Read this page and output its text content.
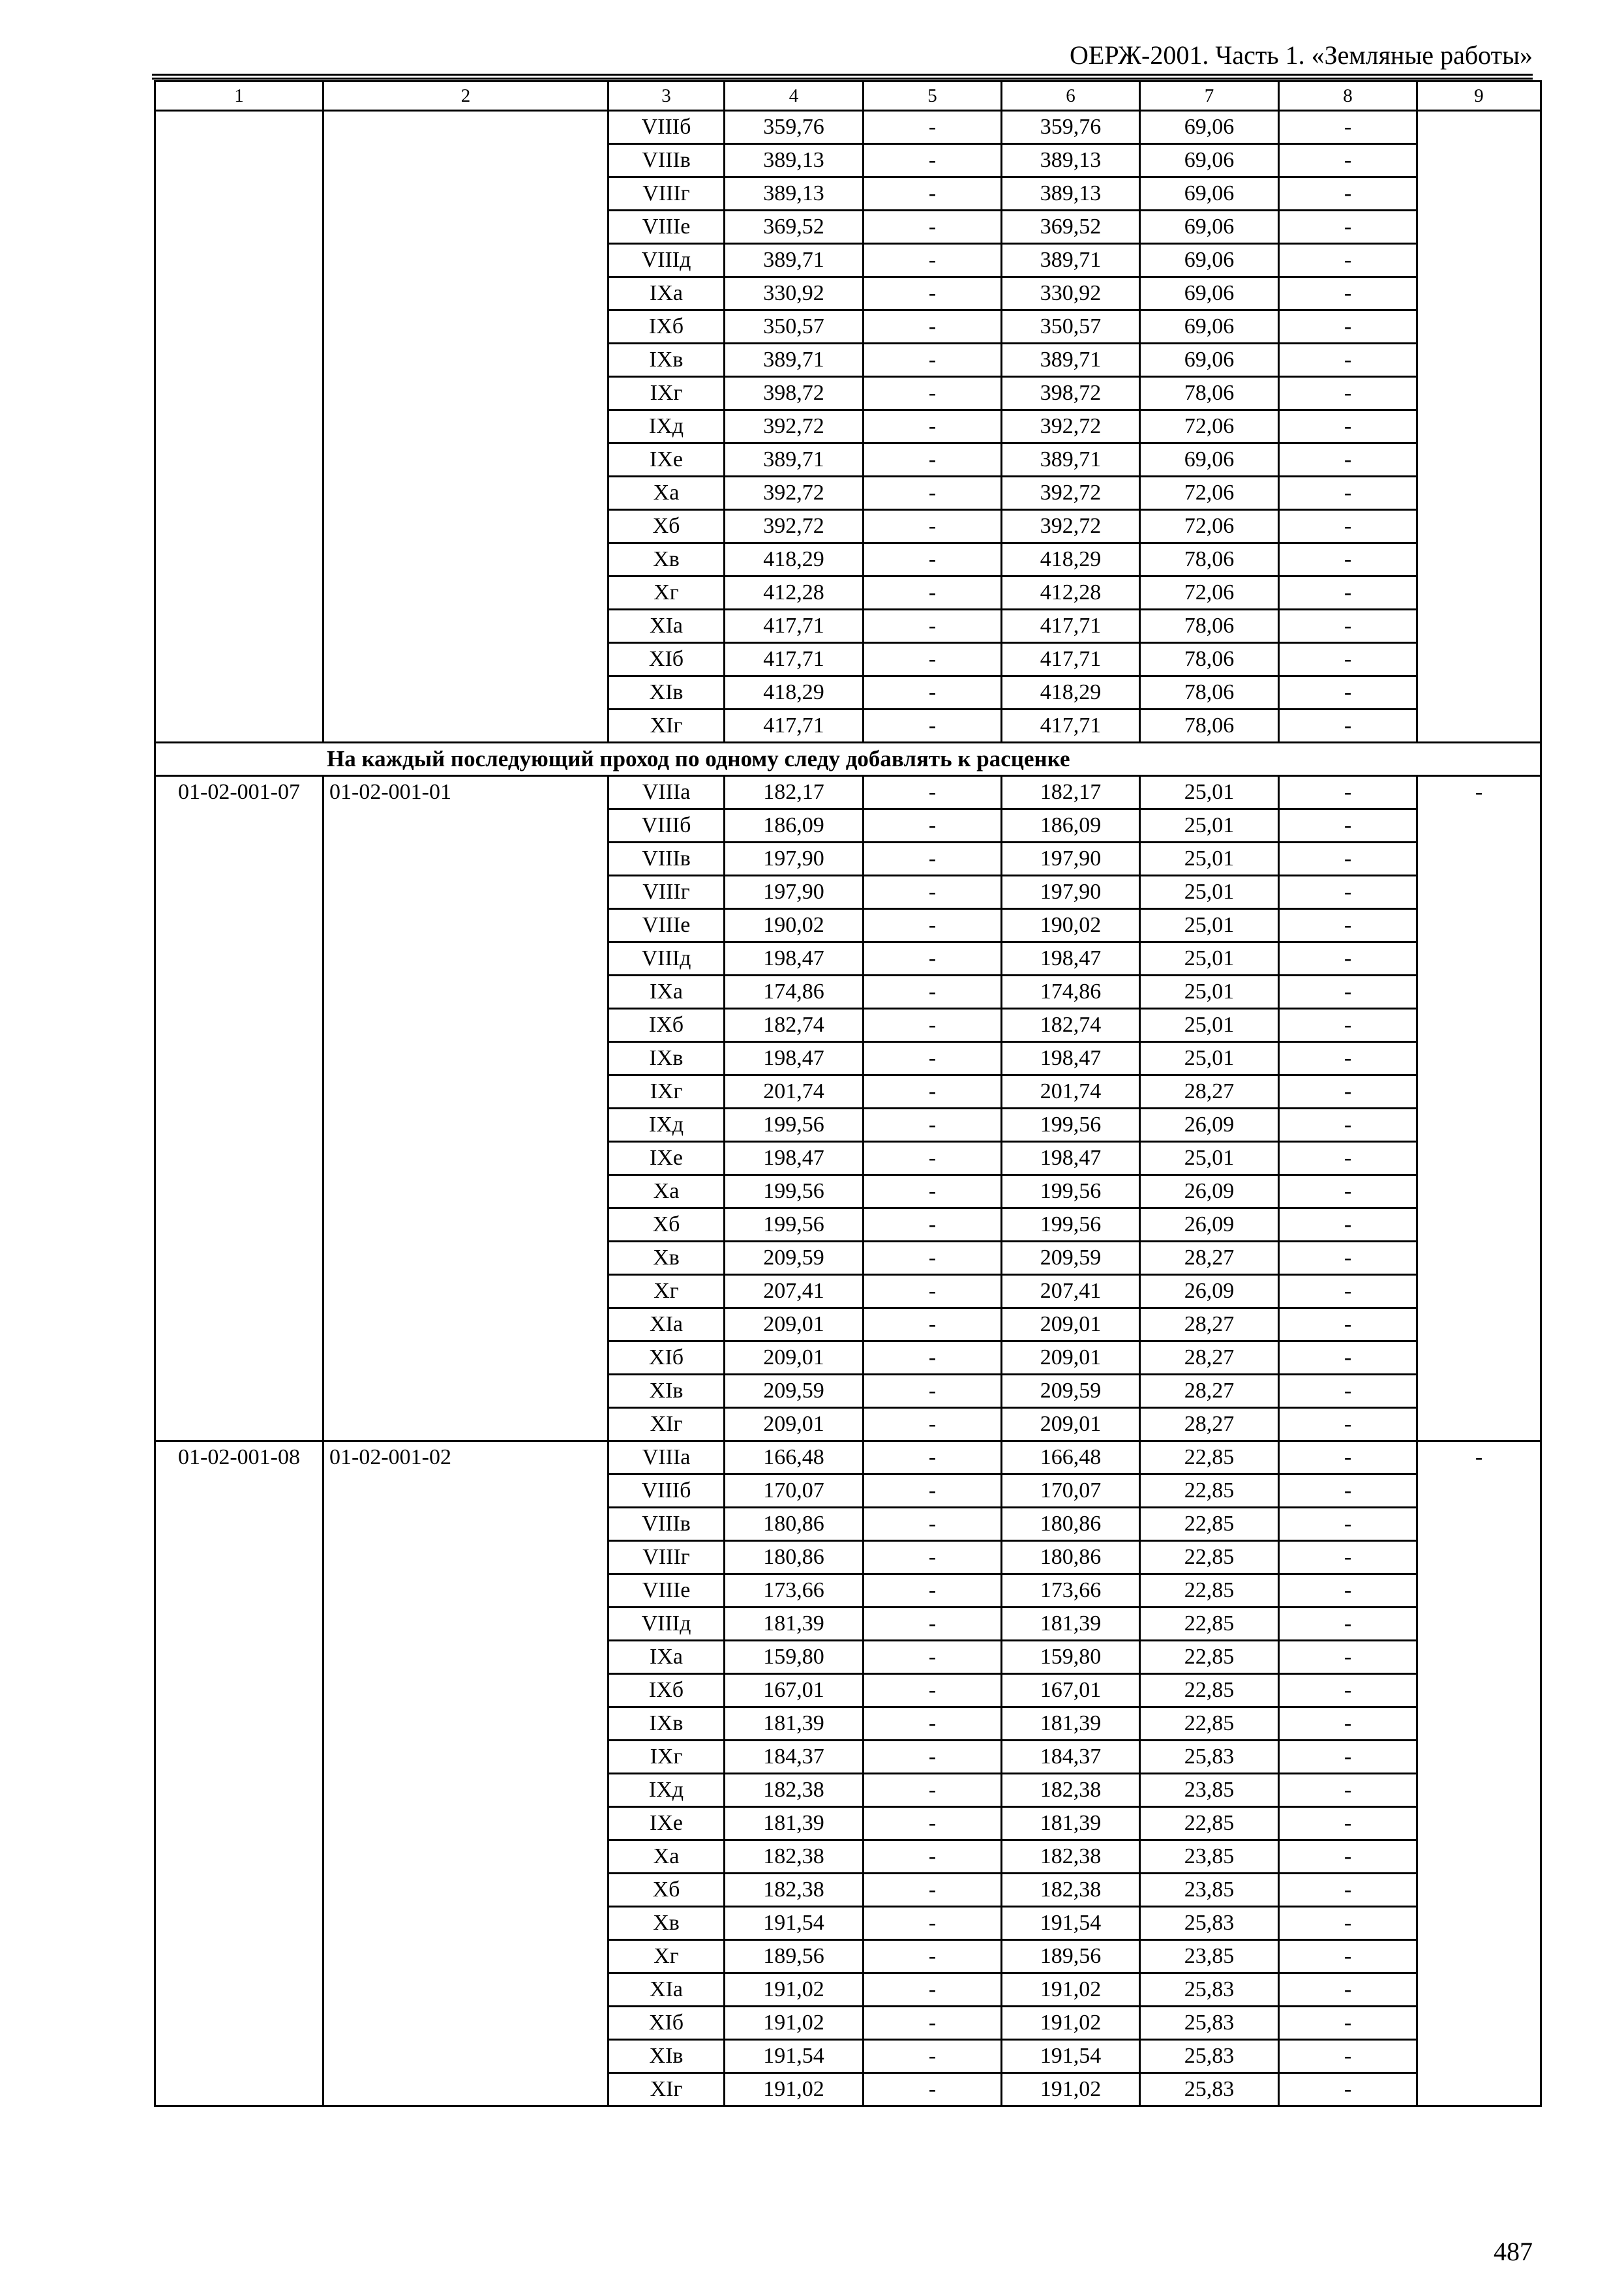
ОЕРЖ-2001. Часть 1. «Земляные работы»
1	2	3	4	5	6	7	8	9
		VIIIб	359,76	-	359,76	69,06	-	
		VIIIв	389,13	-	389,13	69,06	-	
		VIIIг	389,13	-	389,13	69,06	-	
		VIIIе	369,52	-	369,52	69,06	-	
		VIIIд	389,71	-	389,71	69,06	-	
		IXа	330,92	-	330,92	69,06	-	
		IXб	350,57	-	350,57	69,06	-	
		IXв	389,71	-	389,71	69,06	-	
		IXг	398,72	-	398,72	78,06	-	
		IXд	392,72	-	392,72	72,06	-	
		IXе	389,71	-	389,71	69,06	-	
		Xа	392,72	-	392,72	72,06	-	
		Xб	392,72	-	392,72	72,06	-	
		Xв	418,29	-	418,29	78,06	-	
		Xг	412,28	-	412,28	72,06	-	
		XIа	417,71	-	417,71	78,06	-	
		XIб	417,71	-	417,71	78,06	-	
		XIв	418,29	-	418,29	78,06	-	
		XIг	417,71	-	417,71	78,06	-	
На каждый последующий проход по одному следу добавлять к расценке								
01-02-001-07	01-02-001-01	VIIIа	182,17	-	182,17	25,01	-	-
		VIIIб	186,09	-	186,09	25,01	-	
		VIIIв	197,90	-	197,90	25,01	-	
		VIIIг	197,90	-	197,90	25,01	-	
		VIIIе	190,02	-	190,02	25,01	-	
		VIIIд	198,47	-	198,47	25,01	-	
		IXа	174,86	-	174,86	25,01	-	
		IXб	182,74	-	182,74	25,01	-	
		IXв	198,47	-	198,47	25,01	-	
		IXг	201,74	-	201,74	28,27	-	
		IXд	199,56	-	199,56	26,09	-	
		IXе	198,47	-	198,47	25,01	-	
		Xа	199,56	-	199,56	26,09	-	
		Xб	199,56	-	199,56	26,09	-	
		Xв	209,59	-	209,59	28,27	-	
		Xг	207,41	-	207,41	26,09	-	
		XIа	209,01	-	209,01	28,27	-	
		XIб	209,01	-	209,01	28,27	-	
		XIв	209,59	-	209,59	28,27	-	
		XIг	209,01	-	209,01	28,27	-	
01-02-001-08	01-02-001-02	VIIIа	166,48	-	166,48	22,85	-	-
		VIIIб	170,07	-	170,07	22,85	-	
		VIIIв	180,86	-	180,86	22,85	-	
		VIIIг	180,86	-	180,86	22,85	-	
		VIIIе	173,66	-	173,66	22,85	-	
		VIIIд	181,39	-	181,39	22,85	-	
		IXа	159,80	-	159,80	22,85	-	
		IXб	167,01	-	167,01	22,85	-	
		IXв	181,39	-	181,39	22,85	-	
		IXг	184,37	-	184,37	25,83	-	
		IXд	182,38	-	182,38	23,85	-	
		IXе	181,39	-	181,39	22,85	-	
		Xа	182,38	-	182,38	23,85	-	
		Xб	182,38	-	182,38	23,85	-	
		Xв	191,54	-	191,54	25,83	-	
		Xг	189,56	-	189,56	23,85	-	
		XIа	191,02	-	191,02	25,83	-	
		XIб	191,02	-	191,02	25,83	-	
		XIв	191,54	-	191,54	25,83	-	
		XIг	191,02	-	191,02	25,83	-	
487
